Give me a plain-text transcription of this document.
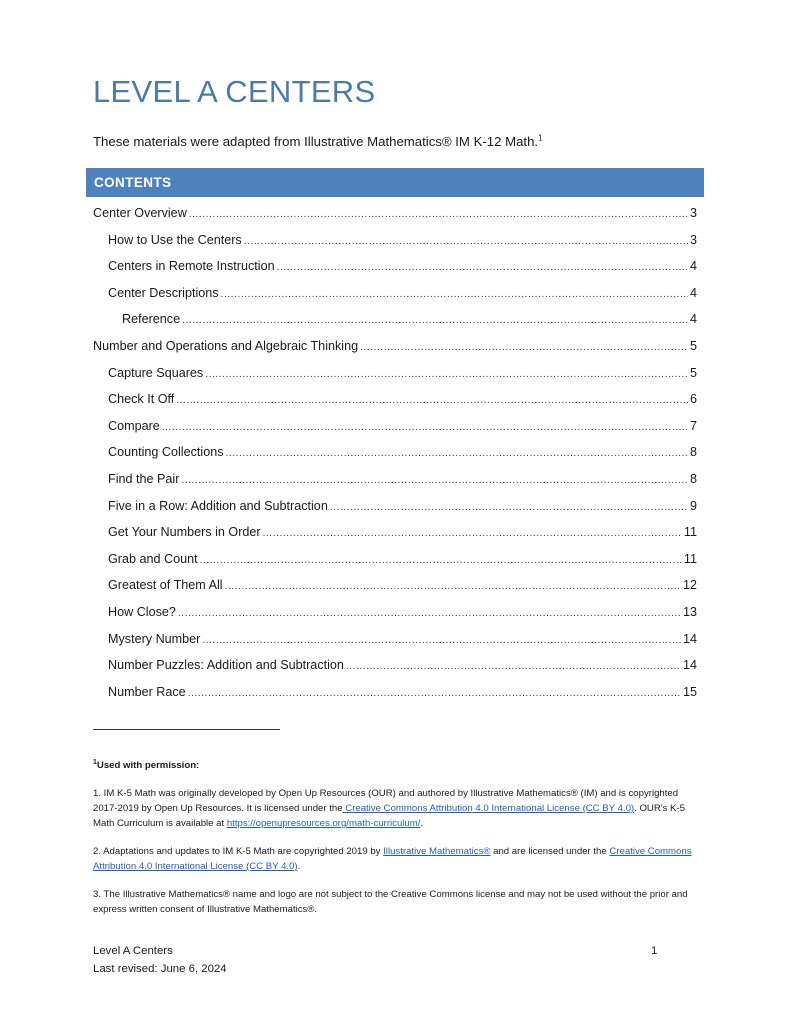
LEVEL A CENTERS
These materials were adapted from Illustrative Mathematics® IM K-12 Math.$^1$
CONTENTS
Center Overview .....	3
How to Use the Centers .....	3
Centers in Remote Instruction .....	4
Center Descriptions .....	4
Reference .....	4
Number and Operations and Algebraic Thinking .....	5
Capture Squares .....	5
Check It Off .....	6
Compare .....	7
Counting Collections .....	8
Find the Pair .....	8
Five in a Row: Addition and Subtraction .....	9
Get Your Numbers in Order .....	11
Grab and Count .....	11
Greatest of Them All .....	12
How Close? .....	13
Mystery Number .....	14
Number Puzzles: Addition and Subtraction .....	14
Number Race .....	15

$^1$Used with permission:

1. IM K-5 Math was originally developed by Open Up Resources (OUR) and authored by Illustrative Mathematics® (IM) and is copyrighted 2017-2019 by Open Up Resources. It is licensed under the Creative Commons Attribution 4.0 International License (CC BY 4.0). OUR's K-5 Math Curriculum is available at https://openupresources.org/math-curriculum/.

2. Adaptations and updates to IM K-5 Math are copyrighted 2019 by Illustrative Mathematics® and are licensed under the Creative Commons Attribution 4.0 International License (CC BY 4.0).

3. The Illustrative Mathematics® name and logo are not subject to the Creative Commons license and may not be used without the prior and express written consent of Illustrative Mathematics®.

Level A Centers
Last revised: June 6, 2024
1
